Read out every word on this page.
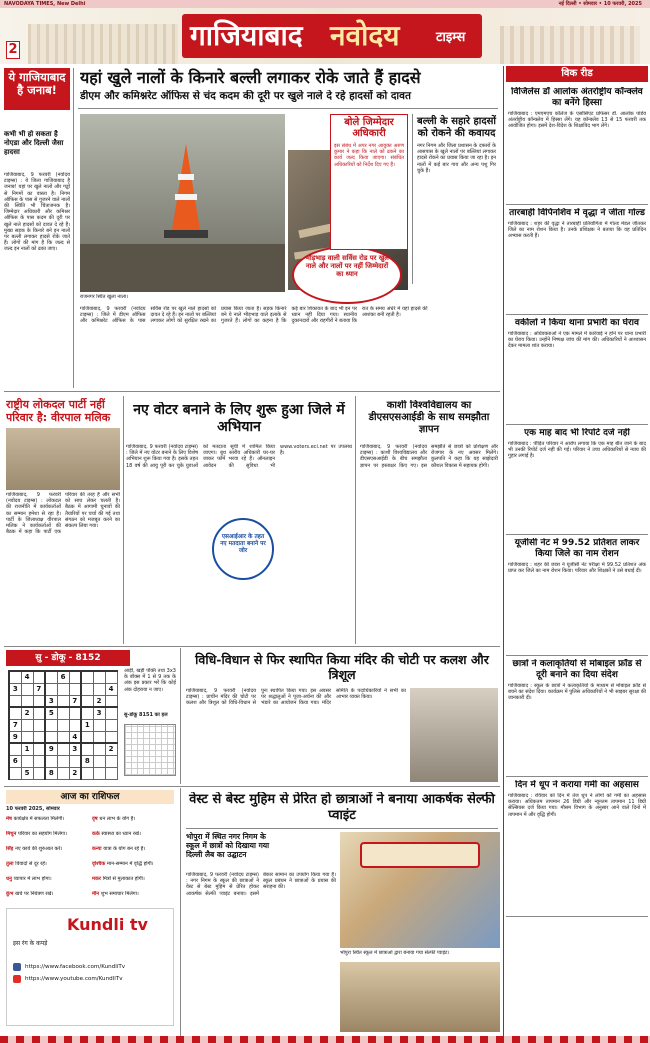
NAVODAYA TIMES, New Delhi	नई दिल्ली • सोमवार • 10 फरवरी, 2025
2	गाजियाबाद नवोदय	टाइम्स
ये गाजियाबाद है जनाब!
कभी भी हो सकता है नोएडा और दिल्ली जैसा हादसा
गाजियाबाद, 9 फरवरी (नवोदय टाइम्स) : ये जिला गाजियाबाद है जनाब! यहां पर खुले नालों और गड्ढों से निगमों का वास्ता है। निगम ऑफिस के पास से गुजरने वाले नालों की स्थिति भी चिंताजनक है। जिम्मेदार अधिकारी और कमिश्नर ऑफिस के पास कदम की दूरी पर खुले नाले हादसों को दावत दे रहे हैं। मुख्य सड़क के किनारे बने इन नालों पर बल्ली लगाकर हादसे रोके जाते हैं। लोगों की मांग है कि जल्द से जल्द इन नालों को ढका जाए।
यहां खुले नालों के किनारे बल्ली लगाकर रोके जाते हैं हादसे
डीएम और कमिश्नरेट ऑफिस से चंद कदम की दूरी पर खुले नाले दे रहे हादसों को दावत
राजनगर स्थित खुला नाला।
भीड़भाड़ वाली सर्विस रोड पर खुले नाले और नालों पर नहीं जिम्मेदारों का ध्यान
बोले जिम्मेदार अधिकारी
इस संबंध में अपर नगर आयुक्त अरुण कुमार ने कहा कि नाले को ढकने का कार्य जल्द किया जाएगा। संबंधित अधिकारियों को निर्देश दिए गए हैं।
बल्ली के सहारे हादसों को रोकने की कवायद
नगर निगम और जिला प्रशासन के दफ्तरों के आसपास के खुले नालों पर बल्लियां लगाकर हादसे रोकने का प्रयास किया जा रहा है। इन नालों में कई बार गाय और अन्य पशु गिर चुके हैं।
गाजियाबाद, 9 फरवरी (नवोदय टाइम्स) : जिले में डीएम ऑफिस और कमिश्नरेट ऑफिस के पास सर्विस रोड पर खुले नाले हादसों को दावत दे रहे हैं। इन नालों पर बल्लियां लगाकर लोगों को सुरक्षित रखने का प्रयास किया जाता है। सड़क किनारे बने ये नाले भीड़भाड़ वाले इलाके से गुजरते हैं। लोगों का कहना है कि कई बार शिकायत के बाद भी इन पर ध्यान नहीं दिया गया। स्थानीय दुकानदारों और राहगीरों ने बताया कि रात के समय अंधेरे में यहां हादसे की आशंका बनी रहती है।
राष्ट्रीय लोकदल पार्टी नहीं परिवार है: वीरपाल मलिक
गाजियाबाद, 9 फरवरी (नवोदय टाइम्स) : लोकदल की राजनीति में कार्यकर्ताओं का सम्मान हमेशा से रहा है। पार्टी के जिलाध्यक्ष वीरपाल मलिक ने कार्यकर्ताओं की बैठक में कहा कि पार्टी एक परिवार की तरह है और सभी को साथ लेकर चलती है। बैठक में आगामी चुनावों की तैयारियों पर चर्चा की गई तथा संगठन को मजबूत करने का संकल्प लिया गया।
नए वोटर बनाने के लिए शुरू हुआ जिले में अभियान
गाजियाबाद, 9 फरवरी (नवोदय टाइम्स) : जिले में नए वोटर बनाने के लिए विशेष अभियान शुरू किया गया है। इसके तहत 18 वर्ष की आयु पूरी कर चुके युवाओं को मतदाता सूची में शामिल किया जाएगा। बूथ स्तरीय अधिकारी घर-घर जाकर फॉर्म भरवा रहे हैं। ऑनलाइन आवेदन की सुविधा भी www.voters.eci.net पर उपलब्ध है।
एसआईआर के तहत नए मतदाता बनाने पर जोर
काशी विश्वविद्यालय का डीएसएसआईडी के साथ समझौता ज्ञापन
गाजियाबाद, 9 फरवरी (नवोदय टाइम्स) : काशी विश्वविद्यालय और डीएसएसआईडी के बीच समझौता ज्ञापन पर हस्ताक्षर किए गए। इस समझौते से छात्रों को प्रशिक्षण और रोजगार के नए अवसर मिलेंगे। कुलपति ने कहा कि यह साझेदारी कौशल विकास में सहायक होगी।
सु - डोकू - 8152
	4			6				
3		7						4
			3		7		2	
	2		5				3	
7						1		
9					4			
	1		9		3			2
6						8		
	5		8		2			
आड़ी, खड़ी पंक्ति तथा 3x3 के बॉक्स में 1 से 9 तक के अंक इस प्रकार भरें कि कोई अंक दोहराया न जाए।
सु-डोकू 8151 का हल
विधि-विधान से फिर स्थापित किया मंदिर की चोटी पर कलश और त्रिशूल
गाजियाबाद, 9 फरवरी (नवोदय टाइम्स) : प्राचीन मंदिर की चोटी पर कलश और त्रिशूल को विधि-विधान से पुनः स्थापित किया गया। इस अवसर पर श्रद्धालुओं ने पूजा-अर्चना की और भंडारे का आयोजन किया गया। मंदिर समिति के पदाधिकारियों ने सभी का आभार व्यक्त किया।
आज का राशिफल
10 फरवरी 2025, सोमवार
मेष कार्यक्षेत्र में सफलता मिलेगी।	वृष धन लाभ के योग हैं।
मिथुन परिवार का सहयोग मिलेगा।	कर्क स्वास्थ्य का ध्यान रखें।
सिंह नए कार्य की शुरुआत करें।	कन्या यात्रा के योग बन रहे हैं।
तुला विवादों से दूर रहें।	वृश्चिक मान-सम्मान में वृद्धि होगी।
धनु व्यापार में लाभ होगा।	मकर मित्रों से मुलाकात होगी।
कुंभ खर्च पर नियंत्रण रखें।	मीन शुभ समाचार मिलेगा।
Kundli tv
इस रंग के कपड़े
https://www.facebook.com/KundliTv
https://www.youtube.com/KundliTv
वेस्ट से बेस्ट मुहिम से प्रेरित हो छात्राओं ने बनाया आकर्षक सेल्फी प्वाइंट
भोपुरा में स्थित नगर निगम के स्कूल में छात्रों को दिखाया गया दिल्ली लैब का उद्घाटन
गाजियाबाद, 9 फरवरी (नवोदय टाइम्स) : नगर निगम के स्कूल की छात्राओं ने वेस्ट से बेस्ट मुहिम से प्रेरित होकर आकर्षक सेल्फी प्वाइंट बनाया। इसमें बेकार सामान का उपयोग किया गया है। स्कूल प्रबंधन ने छात्राओं के प्रयास की सराहना की।
भोपुरा स्थित स्कूल में छात्राओं द्वारा बनाया गया सेल्फी प्वाइंट।
विक रीड
विजिलेंस डॉ आलोक अंतर्राष्ट्रीय कॉन्क्लेव का बनेंगे हिस्सा
गाजियाबाद : एमएमएच कॉलेज के एसोसिएट प्रोफेसर डॉ. आलोक पांडेय अंतर्राष्ट्रीय कॉन्क्लेव में हिस्सा लेंगे। यह कॉन्क्लेव 13 से 15 फरवरी तक आयोजित होगा। इसमें देश-विदेश के शिक्षाविद भाग लेंगे।
तारबाही विपिनशिव में वृद्धा ने जीता गोल्ड
गाजियाबाद : शहर की वृद्धा ने तारबाही प्रतियोगिता में गोल्ड मेडल जीतकर जिले का नाम रोशन किया है। उनके प्रशिक्षक ने बताया कि वह प्रतिदिन अभ्यास करती हैं।
वकीलों ने किया थाना प्रभारी का घेराव
गाजियाबाद : अधिवक्ताओं ने एक मामले में कार्रवाई न होने पर थाना प्रभारी का घेराव किया। उन्होंने निष्पक्ष जांच की मांग की। अधिकारियों ने आश्वासन देकर मामला शांत कराया।
एक माह बाद भी रिपोर्ट दर्ज नहीं
गाजियाबाद : पीड़ित परिवार ने आरोप लगाया कि एक माह बीत जाने के बाद भी उनकी रिपोर्ट दर्ज नहीं की गई। परिवार ने उच्च अधिकारियों से न्याय की गुहार लगाई है।
यूजीसी नेट में 99.52 प्रतिशत लाकर किया जिले का नाम रोशन
गाजियाबाद : शहर की छात्रा ने यूजीसी नेट परीक्षा में 99.52 प्रतिशत अंक प्राप्त कर जिले का नाम रोशन किया। परिवार और शिक्षकों ने उसे बधाई दी।
छात्रों ने कलाकृतियों से मोबाइल फ्रॉड से दूरी बनाने का दिया संदेश
गाजियाबाद : स्कूल के छात्रों ने कलाकृतियों के माध्यम से मोबाइल फ्रॉड से बचने का संदेश दिया। कार्यक्रम में पुलिस अधिकारियों ने भी साइबर सुरक्षा की जानकारी दी।
दिन में धूप ने कराया गर्मी का अहसास
गाजियाबाद : रविवार को दिन में तेज धूप ने लोगों को गर्मी का अहसास कराया। अधिकतम तापमान 26 डिग्री और न्यूनतम तापमान 11 डिग्री सेल्सियस दर्ज किया गया। मौसम विभाग के अनुसार आने वाले दिनों में तापमान में और वृद्धि होगी।
